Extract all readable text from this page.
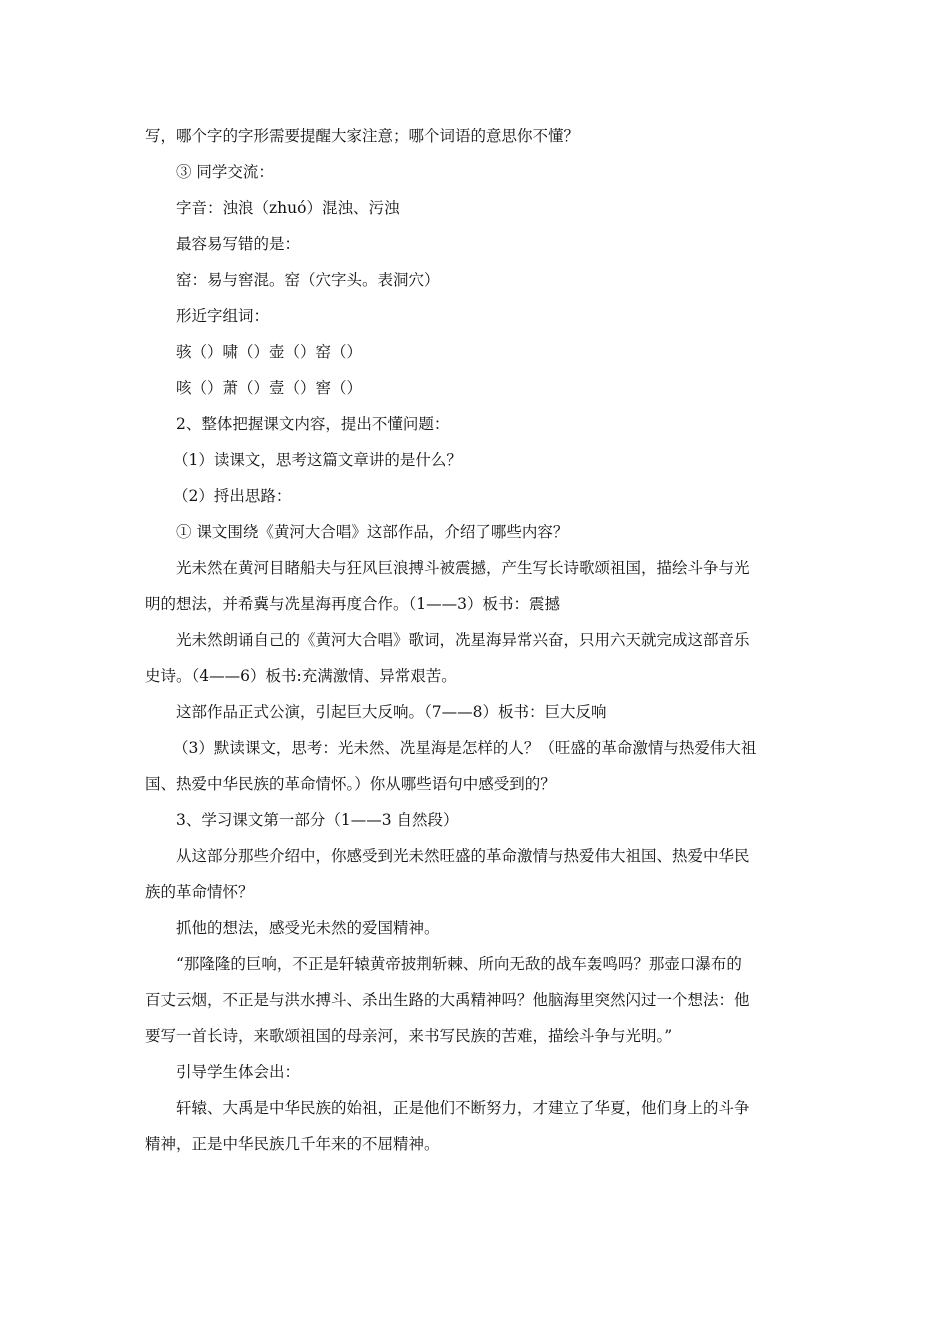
写，哪个字的字形需要提醒大家注意；哪个词语的意思你不懂？

③ 同学交流：

字音：浊浪（zhuó）混浊、污浊

最容易写错的是：

窑：易与窖混。窑（穴字头。表洞穴）

形近字组词：

骇（）啸（）壶（）窑（）

咳（）萧（）壹（）窖（）

2、整体把握课文内容，提出不懂问题：

（1）读课文，思考这篇文章讲的是什么？

（2）捋出思路：

① 课文围绕《黄河大合唱》这部作品，介绍了哪些内容？

光未然在黄河目睹船夫与狂风巨浪搏斗被震撼，产生写长诗歌颂祖国，描绘斗争与光

明的想法，并希冀与冼星海再度合作。（1——3）板书：震撼

光未然朗诵自己的《黄河大合唱》歌词，冼星海异常兴奋，只用六天就完成这部音乐

史诗。（4——6）板书:充满激情、异常艰苦。

这部作品正式公演，引起巨大反响。（7——8）板书：巨大反响

（3）默读课文，思考：光未然、冼星海是怎样的人？（旺盛的革命激情与热爱伟大祖

国、热爱中华民族的革命情怀。）你从哪些语句中感受到的？

3、学习课文第一部分（1——3 自然段）

从这部分那些介绍中，你感受到光未然旺盛的革命激情与热爱伟大祖国、热爱中华民

族的革命情怀？

抓他的想法，感受光未然的爱国精神。

“那隆隆的巨响，不正是轩辕黄帝披荆斩棘、所向无敌的战车轰鸣吗？那壶口瀑布的

百丈云烟，不正是与洪水搏斗、杀出生路的大禹精神吗？他脑海里突然闪过一个想法：他

要写一首长诗，来歌颂祖国的母亲河，来书写民族的苦难，描绘斗争与光明。”

引导学生体会出：

轩辕、大禹是中华民族的始祖，正是他们不断努力，才建立了华夏，他们身上的斗争

精神，正是中华民族几千年来的不屈精神。
